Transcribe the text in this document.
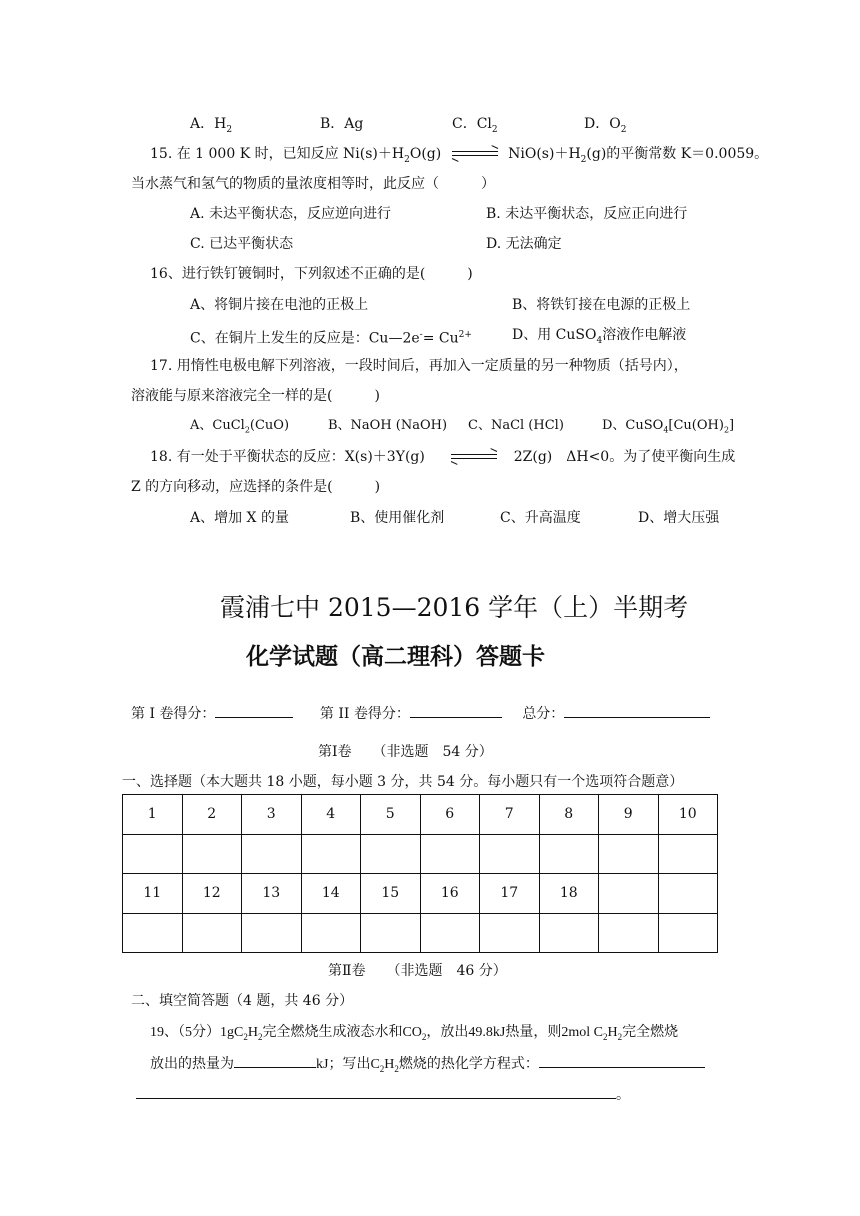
A．$H_2$	B．Ag	C．$Cl_2$	D．$O_2$
15. 在 1 000 K 时，已知反应 $Ni(s)+H_2O(g)$	$NiO(s)+H_2(g)$的平衡常数 K＝0.0059。
当水蒸气和氢气的物质的量浓度相等时，此反应（　　　）
A. 未达平衡状态，反应逆向进行	B. 未达平衡状态，反应正向进行
C. 已达平衡状态	D. 无法确定
16、进行铁钉镀铜时，下列叙述不正确的是(　　　)
A、将铜片接在电池的正极上	B、将铁钉接在电源的正极上
C、在铜片上发生的反应是：Cu—2e-= $Cu^{2+}$	D、用 CuSO$_4$溶液作电解液
17. 用惰性电极电解下列溶液，一段时间后，再加入一定质量的另一种物质（括号内），
溶液能与原来溶液完全一样的是(　　　)
A、CuCl$_2$(CuO)	B、NaOH (NaOH) C、NaCl (HCl)	D、$CuSO_4[Cu(OH)_2]$
18. 有一处于平衡状态的反应：X(s)＋3Y(g)	2Z(g)　ΔH<0。为了使平衡向生成
Z 的方向移动，应选择的条件是(　　　)
A、增加 X 的量	B、使用催化剂	C、升高温度	D、增大压强
霞浦七中 2015—2016 学年（上）半期考
化学试题（高二理科）答题卡
第 I 卷得分：	第 II 卷得分：	总分：
第Ⅰ卷　　（非选题　54 分）
一、选择题（本大题共 18 小题，每小题 3 分，共 54 分。每小题只有一个选项符合题意）
1	2	3	4	5	6	7	8	9	10

11	12	13	14	15	16	17	18		

第Ⅱ卷　　（非选题　46 分）
二、填空简答题（4 题，共 46 分）
19、（5分）$1gC_2H_2$完全燃烧生成液态水和$CO_2$，放出49.8kJ热量，则2mol $C_2H_2$完全燃烧
放出的热量为	kJ；写出$C_2H_2$燃烧的热化学方程式：
。
